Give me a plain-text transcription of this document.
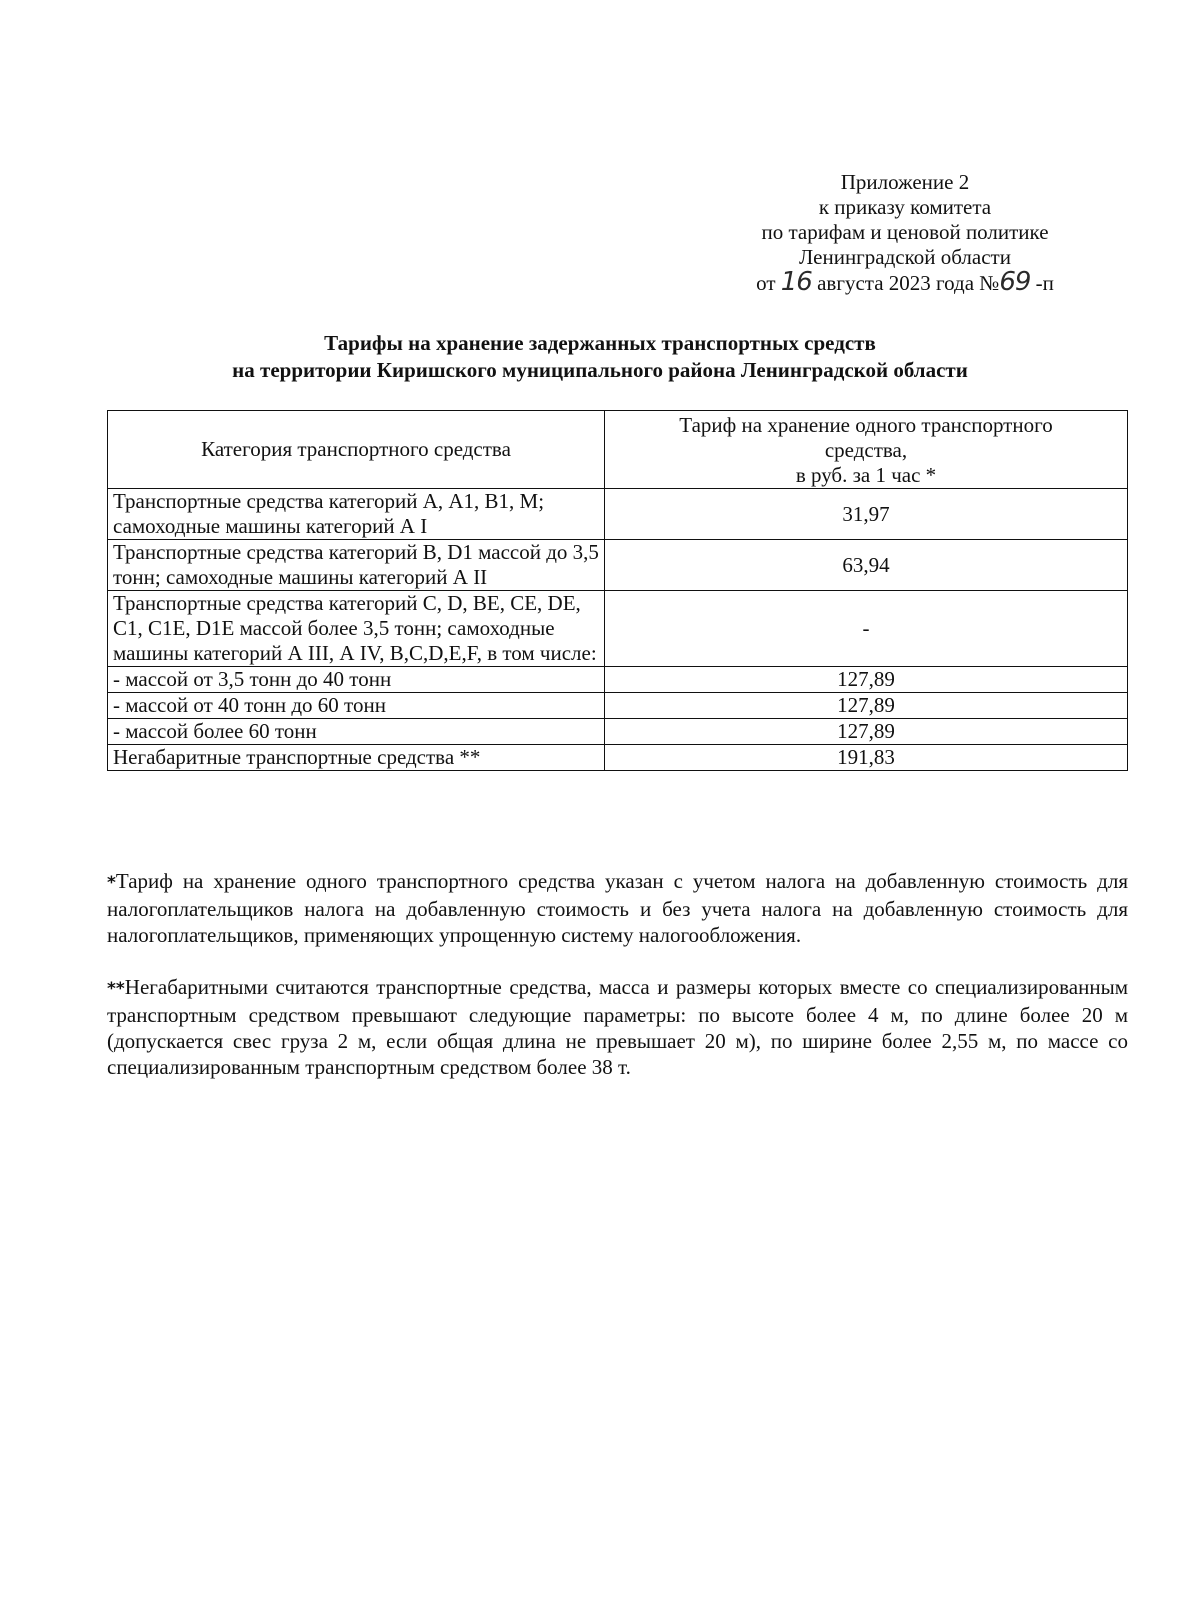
Приложение 2
к приказу комитета
по тарифам и ценовой политике
Ленинградской области
от 16 августа 2023 года №69 -п
Тарифы на хранение задержанных транспортных средств
на территории Киришского муниципального района Ленинградской области
Категория транспортного средства	Тариф на хранение одного транспортного
средства,
в руб. за 1 час *

Транспортные средства категорий А, А1, В1, М; самоходные машины категорий А I	31,97
Транспортные средства категорий В, D1 массой до 3,5 тонн; самоходные машины категорий А II	63,94
Транспортные средства категорий С, D, BE, CE, DE, C1, C1E, D1E массой более 3,5 тонн; самоходные машины категорий А III, А IV, B,C,D,E,F, в том числе:	-
- массой от 3,5 тонн до 40 тонн	127,89
- массой от 40 тонн до 60 тонн	127,89
- массой более 60 тонн	127,89
Негабаритные транспортные средства **	191,83

*Тариф на хранение одного транспортного средства указан с учетом налога на добавленную стоимость для налогоплательщиков налога на добавленную стоимость и без учета налога на добавленную стоимость для налогоплательщиков, применяющих упрощенную систему налогообложения.

**Негабаритными считаются транспортные средства, масса и размеры которых вместе со специализированным транспортным средством превышают следующие параметры: по высоте более 4 м, по длине более 20 м (допускается свес груза 2 м, если общая длина не превышает 20 м), по ширине более 2,55 м, по массе со специализированным транспортным средством более 38 т.
